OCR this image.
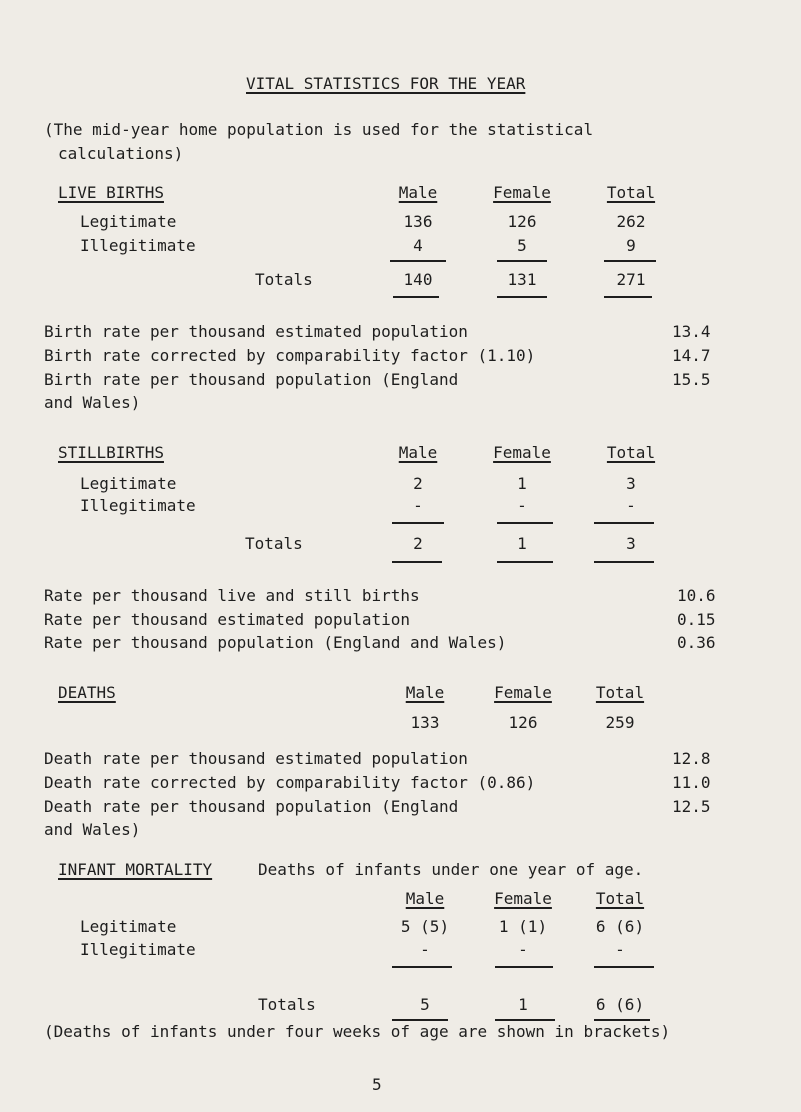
VITAL STATISTICS FOR THE YEAR
(The mid-year home population is used for the statistical
calculations)
LIVE BIRTHS	Male	Female	Total
Legitimate	136	126	262
Illegitimate	4	5	9
Totals	140	131	271
Birth rate per thousand estimated population	13.4
Birth rate corrected by comparability factor (1.10)	14.7
Birth rate per thousand population (England	15.5
and Wales)
STILLBIRTHS	Male	Female	Total
Legitimate	2	1	3
Illegitimate	-	-	-
Totals	2	1	3
Rate per thousand live and still births	10.6
Rate per thousand estimated population	0.15
Rate per thousand population (England and Wales)	0.36
DEATHS	Male	Female	Total
133	126	259
Death rate per thousand estimated population	12.8
Death rate corrected by comparability factor (0.86)	11.0
Death rate per thousand population (England	12.5
and Wales)
INFANT MORTALITY	Deaths of infants under one year of age.
Male	Female	Total
Legitimate	5 (5)	1 (1)	6 (6)
Illegitimate	-	-	-
Totals	5	1	6 (6)
(Deaths of infants under four weeks of age are shown in brackets)
5
